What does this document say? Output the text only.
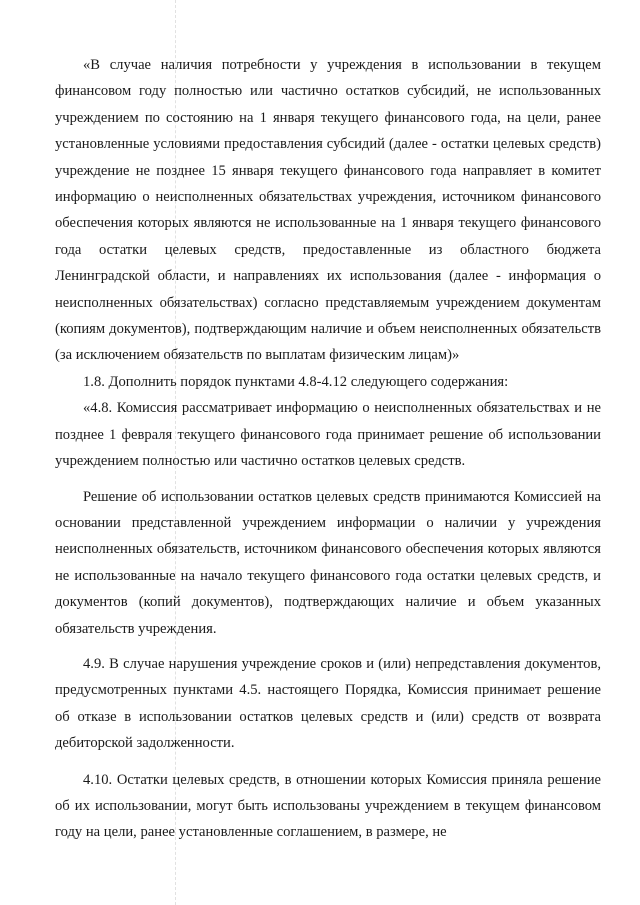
«В случае наличия потребности у учреждения в использовании в текущем финансовом году полностью или частично остатков субсидий, не использованных учреждением по состоянию на 1 января текущего финансового года, на цели, ранее установленные условиями предоставления субсидий (далее - остатки целевых средств) учреждение не позднее 15 января текущего финансового года направляет в комитет информацию о неисполненных обязательствах учреждения, источником финансового обеспечения которых являются не использованные на 1 января текущего финансового года остатки целевых средств, предоставленные из областного бюджета Ленинградской области, и направлениях их использования (далее - информация о неисполненных обязательствах) согласно представляемым учреждением документам (копиям документов), подтверждающим наличие и объем неисполненных обязательств (за исключением обязательств по выплатам физическим лицам)»

1.8. Дополнить порядок пунктами 4.8-4.12 следующего содержания:

«4.8. Комиссия рассматривает информацию о неисполненных обязательствах и не позднее 1 февраля текущего финансового года принимает решение об использовании учреждением полностью или частично остатков целевых средств.

Решение об использовании остатков целевых средств принимаются Комиссией на основании представленной учреждением информации о наличии у учреждения неисполненных обязательств, источником финансового обеспечения которых являются не использованные на начало текущего финансового года остатки целевых средств, и документов (копий документов), подтверждающих наличие и объем указанных обязательств учреждения.

4.9. В случае нарушения учреждение сроков и (или) непредставления документов, предусмотренных пунктами 4.5. настоящего Порядка, Комиссия принимает решение об отказе в использовании остатков целевых средств и (или) средств от возврата дебиторской задолженности.

4.10. Остатки целевых средств, в отношении которых Комиссия приняла решение об их использовании, могут быть использованы учреждением в текущем финансовом году на цели, ранее установленные соглашением, в размере, не
